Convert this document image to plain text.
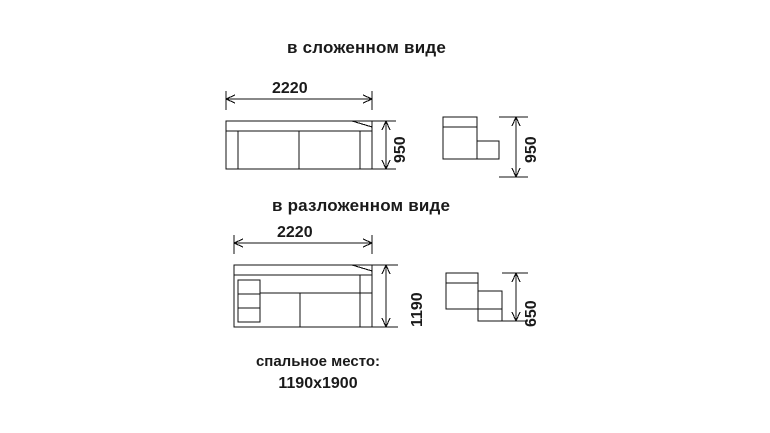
в сложенном виде
в разложенном виде
2220
950	950
2220
1190	650
спальное место:
1190x1900
